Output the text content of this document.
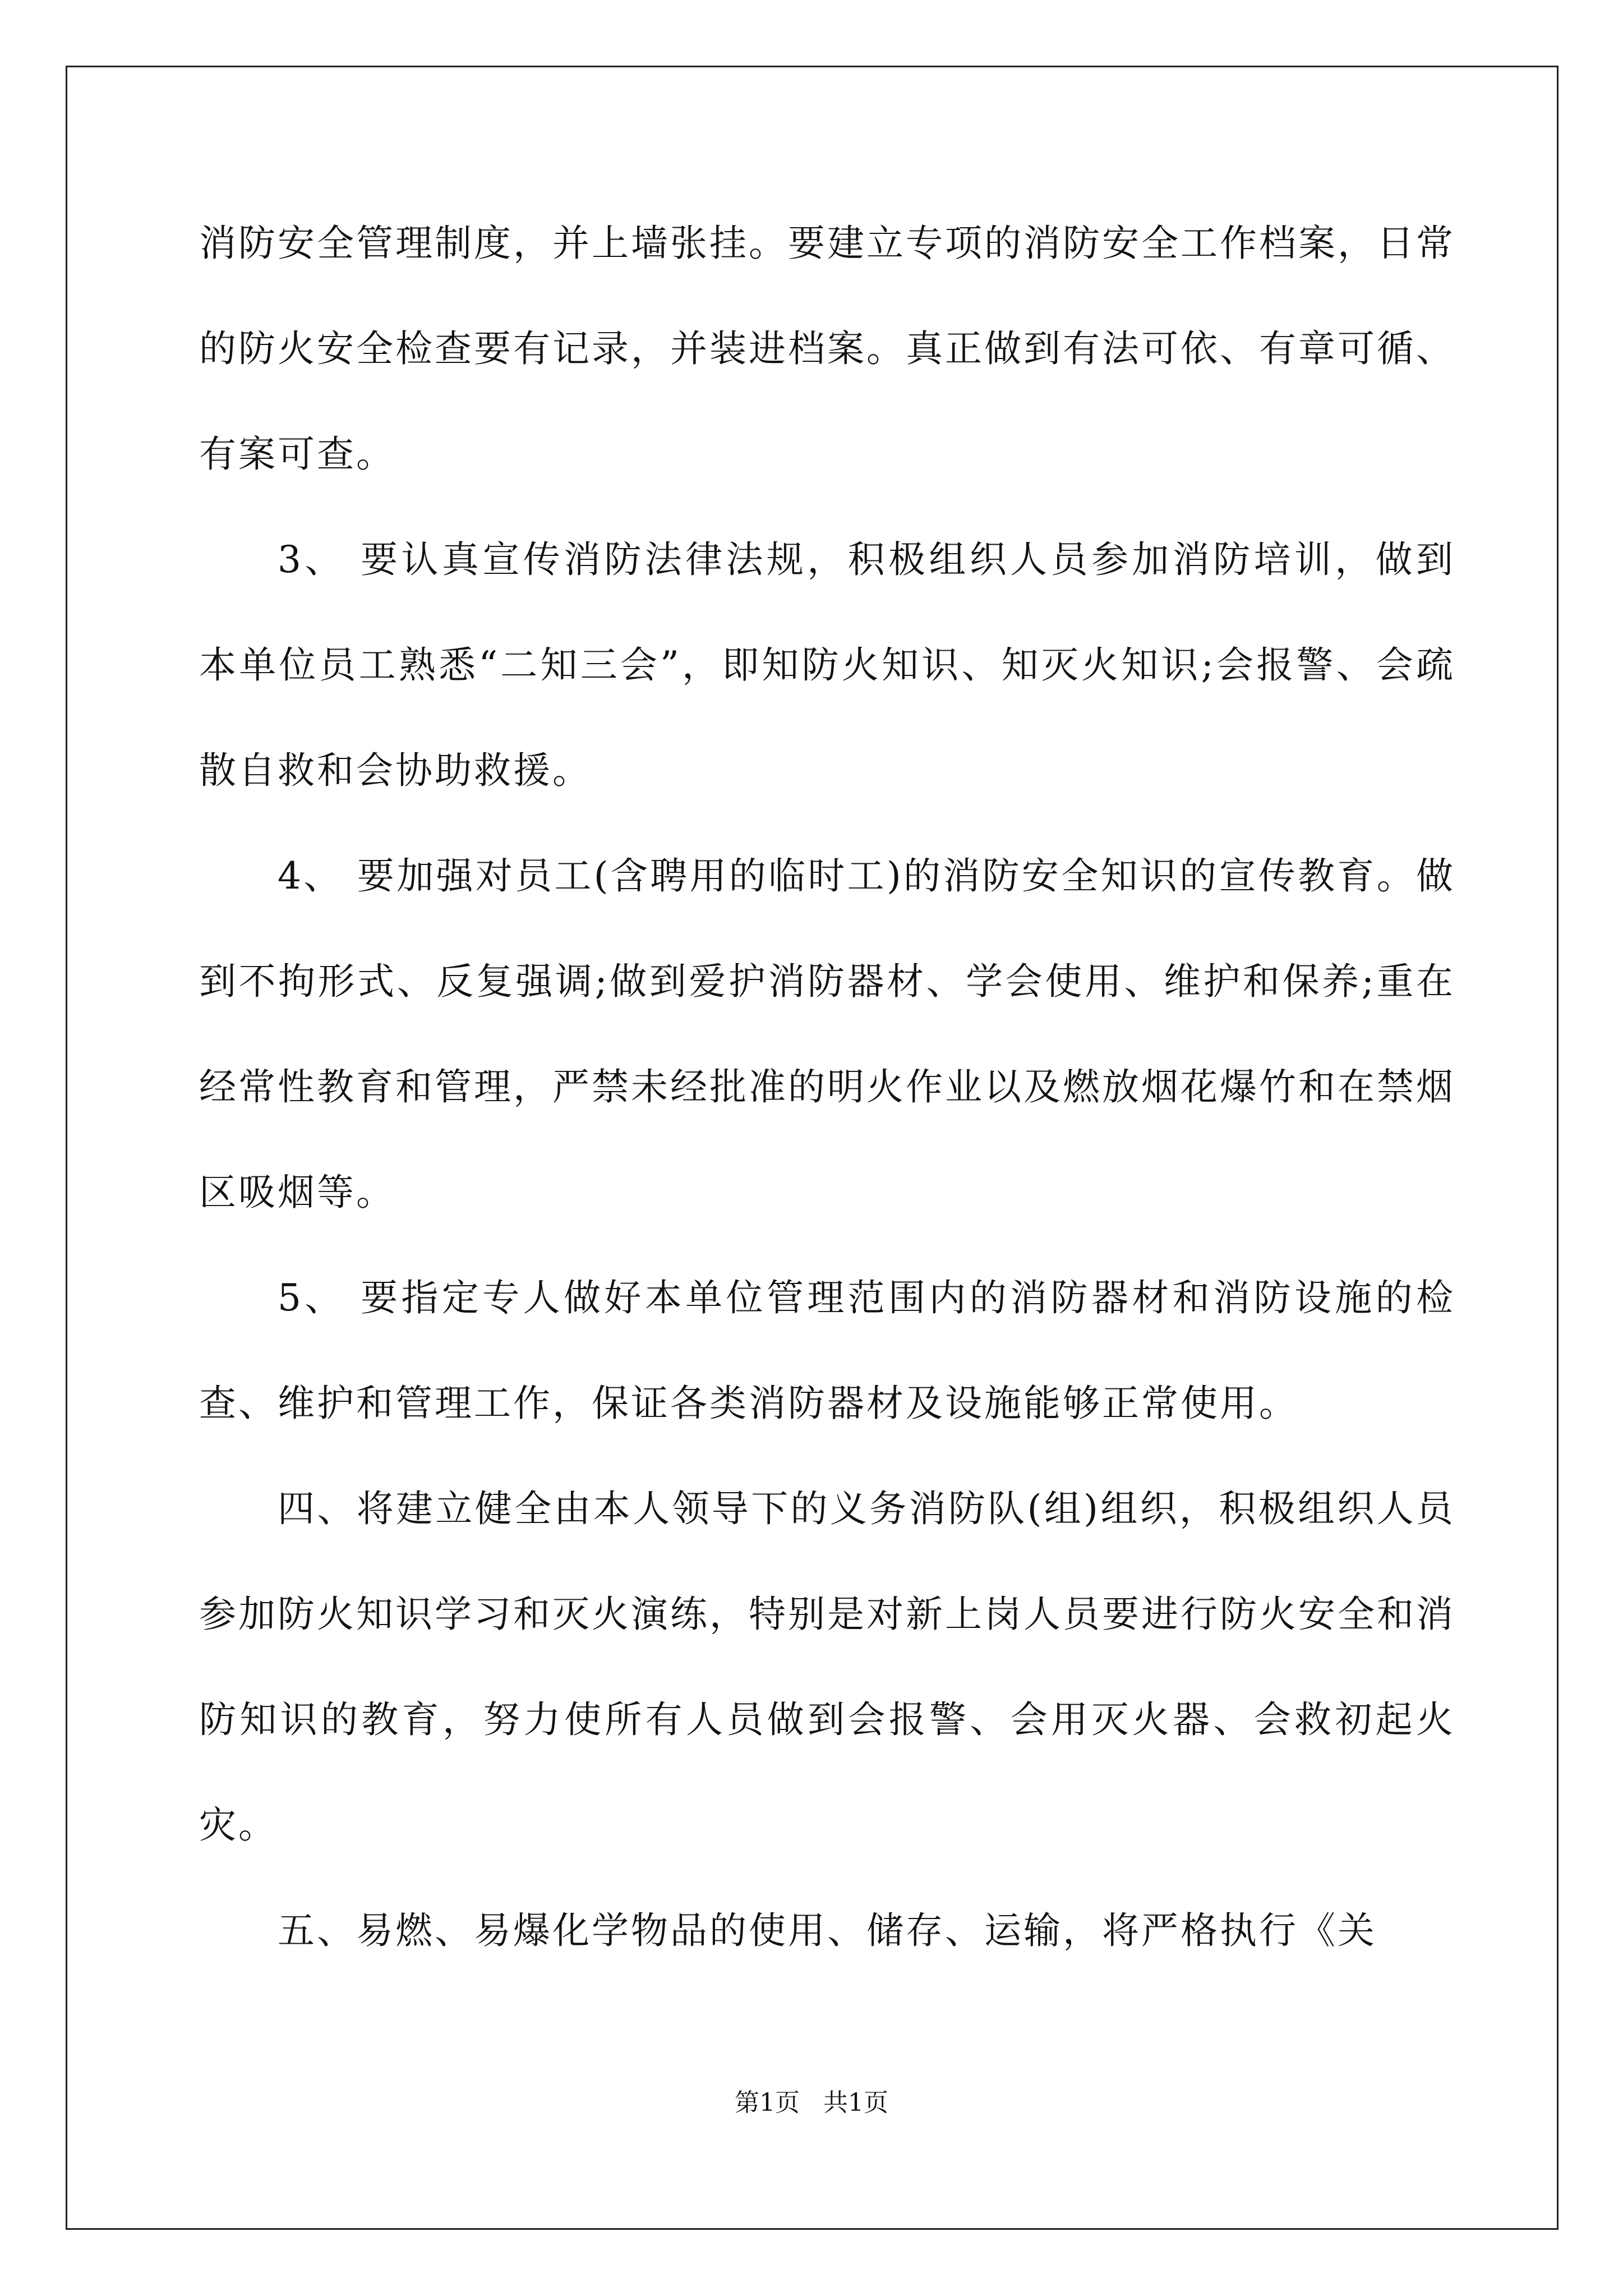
消防安全管理制度，并上墙张挂。要建立专项的消防安全工作档案，日常的防火安全检查要有记录，并装进档案。真正做到有法可依、有章可循、有案可查。

3、 要认真宣传消防法律法规，积极组织人员参加消防培训，做到本单位员工熟悉“二知三会”，即知防火知识、知灭火知识;会报警、会疏散自救和会协助救援。

4、 要加强对员工(含聘用的临时工)的消防安全知识的宣传教育。做到不拘形式、反复强调;做到爱护消防器材、学会使用、维护和保养;重在经常性教育和管理，严禁未经批准的明火作业以及燃放烟花爆竹和在禁烟区吸烟等。

5、 要指定专人做好本单位管理范围内的消防器材和消防设施的检查、维护和管理工作，保证各类消防器材及设施能够正常使用。

四、将建立健全由本人领导下的义务消防队(组)组织，积极组织人员参加防火知识学习和灭火演练，特别是对新上岗人员要进行防火安全和消防知识的教育，努力使所有人员做到会报警、会用灭火器、会救初起火灾。

五、易燃、易爆化学物品的使用、储存、运输，将严格执行《关

第1页   共1页
